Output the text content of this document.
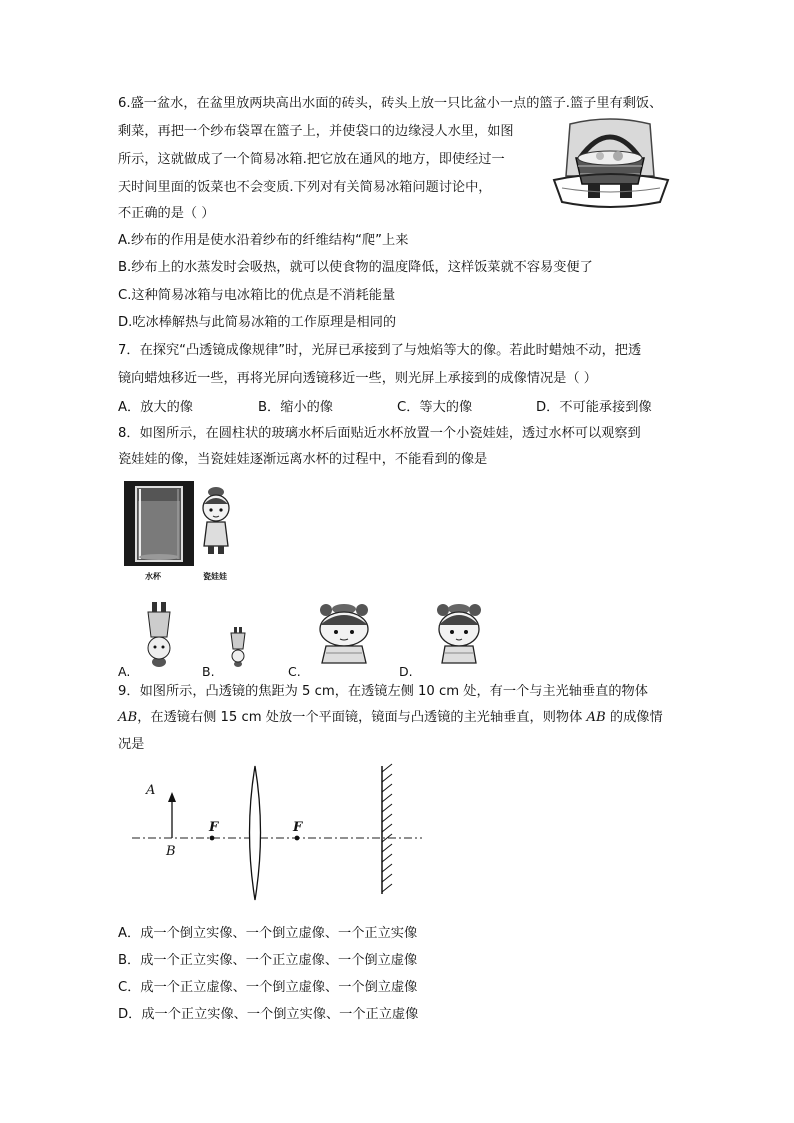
6.盛一盆水，在盆里放两块高出水面的砖头，砖头上放一只比盆小一点的篮子.篮子里有剩饭、
剩菜，再把一个纱布袋罩在篮子上，并使袋口的边缘浸人水里，如图
所示，这就做成了一个简易冰箱.把它放在通风的地方，即使经过一
天时间里面的饭菜也不会变质.下列对有关简易冰箱问题讨论中，
不正确的是（ ）
A.纱布的作用是使水沿着纱布的纤维结构“爬”上来
B.纱布上的水蒸发时会吸热，就可以使食物的温度降低，这样饭菜就不容易变便了
C.这种简易冰箱与电冰箱比的优点是不消耗能量
D.吃冰棒解热与此简易冰箱的工作原理是相同的
7．在探究“凸透镜成像规律”时，光屏已承接到了与烛焰等大的像。若此时蜡烛不动，把透
镜向蜡烛移近一些，再将光屏向透镜移近一些，则光屏上承接到的成像情况是（ ）
A．放大的像	B．缩小的像	C．等大的像	D．不可能承接到像
8．如图所示，在圆柱状的玻璃水杯后面贴近水杯放置一个小瓷娃娃，透过水杯可以观察到
瓷娃娃的像，当瓷娃娃逐渐远离水杯的过程中，不能看到的像是
水杯	瓷娃娃
A.	B.	C.	D.
9．如图所示，凸透镜的焦距为 5 cm，在透镜左侧 10 cm 处，有一个与主光轴垂直的物体
AB，在透镜右侧 15 cm 处放一个平面镜，镜面与凸透镜的主光轴垂直，则物体 AB 的成像情
况是
A
B
F	F
A．成一个倒立实像、一个倒立虚像、一个正立实像
B．成一个正立实像、一个正立虚像、一个倒立虚像
C．成一个正立虚像、一个倒立虚像、一个倒立虚像
D．成一个正立实像、一个倒立实像、一个正立虚像
